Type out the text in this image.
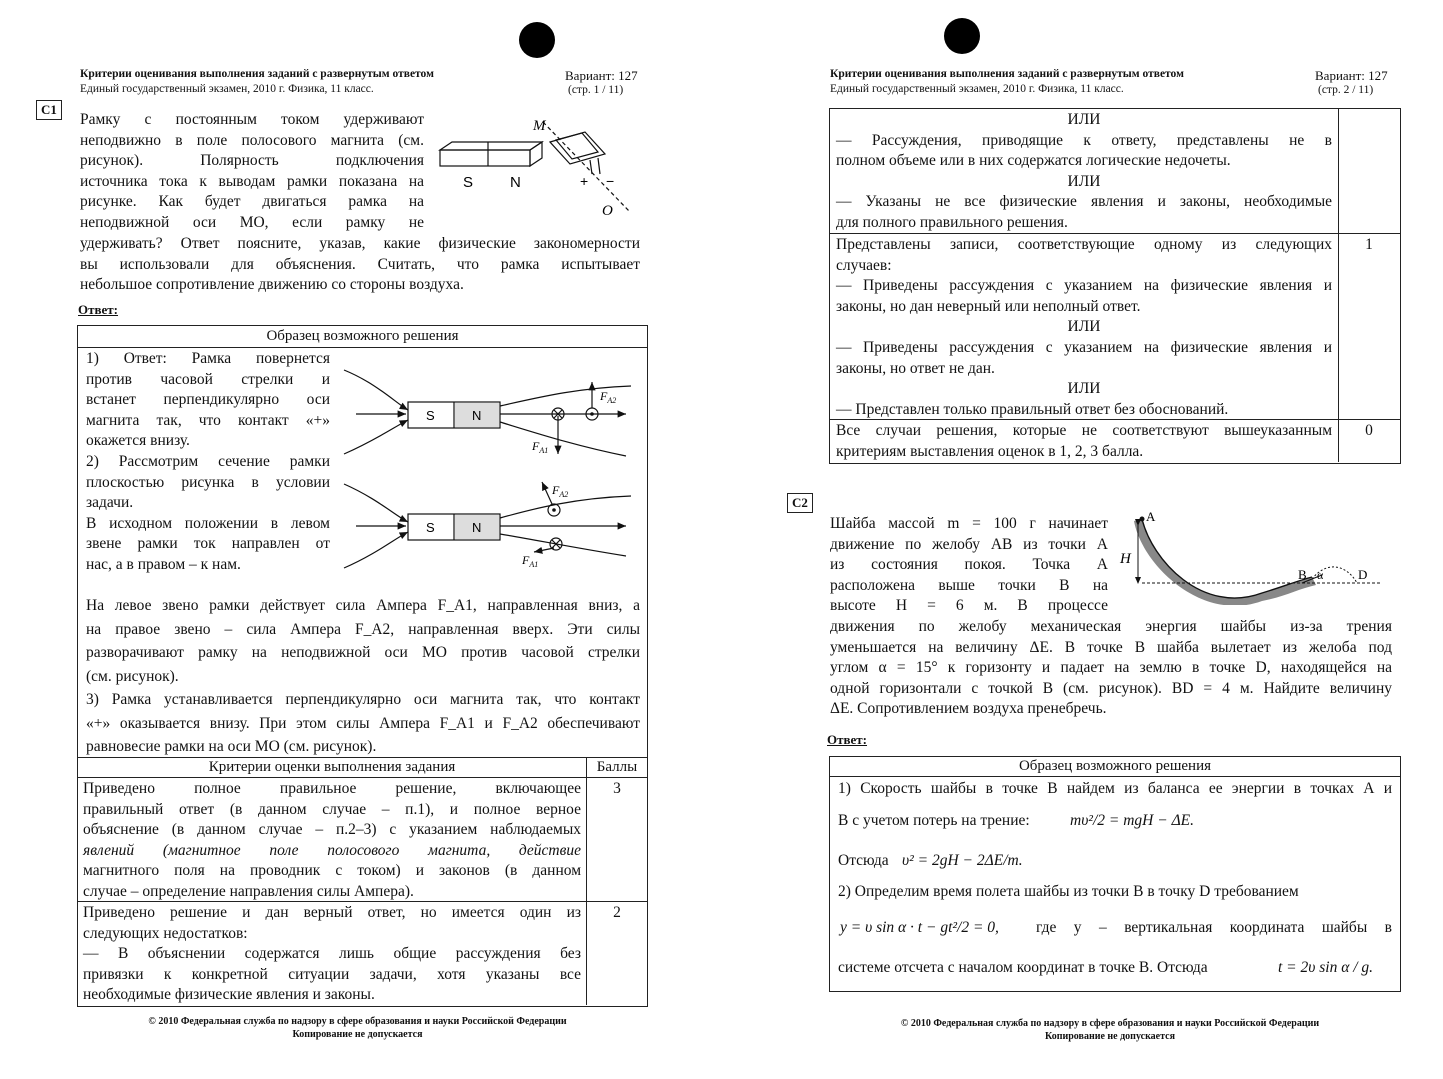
Критерии оценивания выполнения заданий с развернутым ответом
Единый государственный экзамен, 2010 г. Физика, 11 класс.
Вариант: 127
(стр. 1 / 11)
C1

Рамку с постоянным током удерживают

неподвижно в поле полосового магнита (см.

рисунок). Полярность подключения

источника тока к выводам рамки показана на

рисунке. Как будет двигаться рамка на

неподвижной оси МО, если рамку не

удерживать? Ответ поясните, указав, какие физические закономерности

вы использовали для объяснения. Считать, что рамка испытывает

небольшое сопротивление движению со стороны воздуха.

M
O
S N	+ −
Ответ:
Образец возможного решения

1) Ответ: Рамка повернется

против часовой стрелки и

встанет перпендикулярно оси

магнита так, что контакт «+»

окажется внизу.

2) Рассмотрим сечение рамки

плоскостью рисунка в условии

задачи.

В исходном положении в левом

звене рамки ток направлен от

нас, а в правом – к нам.

S	N
S	N
$F_{A1}$
$F_{A2}$
$F_{A2}$
$F_{A1}$

На левое звено рамки действует сила Ампера F_A1, направленная вниз, а

на правое звено – сила Ампера F_A2, направленная вверх. Эти силы

разворачивают рамку на неподвижной оси МО против часовой стрелки

(см. рисунок).

3) Рамка устанавливается перпендикулярно оси магнита так, что контакт

«+» оказывается внизу. При этом силы Ампера F_A1 и F_A2 обеспечивают

равновесие рамки на оси МО (см. рисунок).

Критерии оценки выполнения задания	Баллы

Приведено полное правильное решение, включающее

правильный ответ (в данном случае – п.1), и полное верное

объяснение (в данном случае – п.2–3) с указанием наблюдаемых

явлений (магнитное поле полосового магнита, действие

магнитного поля на проводник с током) и законов (в данном

случае – определение направления силы Ампера).

3

Приведено решение и дан верный ответ, но имеется один из

следующих недостатков:

— В объяснении содержатся лишь общие рассуждения без

привязки к конкретной ситуации задачи, хотя указаны все

необходимые физические явления и законы.

2
© 2010 Федеральная служба по надзору в сфере образования и науки Российской Федерации
Копирование не допускается
Критерии оценивания выполнения заданий с развернутым ответом
Единый государственный экзамен, 2010 г. Физика, 11 класс.
Вариант: 127
(стр. 2 / 11)

ИЛИ

— Рассуждения, приводящие к ответу, представлены не в

полном объеме или в них содержатся логические недочеты.

ИЛИ

— Указаны не все физические явления и законы, необходимые

для полного правильного решения.

Представлены записи, соответствующие одному из следующих

случаев:

— Приведены рассуждения с указанием на физические явления и

законы, но дан неверный или неполный ответ.

ИЛИ

— Приведены рассуждения с указанием на физические явления и

законы, но ответ не дан.

ИЛИ

— Представлен только правильный ответ без обоснований.

1

Все случаи решения, которые не соответствуют вышеуказанным

критериям выставления оценок в 1, 2, 3 балла.

0
C2

Шайба массой m = 100 г начинает

движение по желобу АВ из точки А

из состояния покоя. Точка А

расположена выше точки В на

высоте H = 6 м. В процессе

движения по желобу механическая энергия шайбы из-за трения

уменьшается на величину ΔE. В точке В шайба вылетает из желоба под

углом α = 15° к горизонту и падает на землю в точке D, находящейся на

одной горизонтали с точкой В (см. рисунок). BD = 4 м. Найдите величину

ΔE. Сопротивлением воздуха пренебречь.

A
B α	D
H
Ответ:
Образец возможного решения
1) Скорость шайбы в точке В найдем из баланса ее энергии в точках А и
В с учетом потерь на трение:	mυ²/2 = mgH − ΔE.
Отсюда υ² = 2gH − 2ΔE/m.
2) Определим время полета шайбы из точки В в точку D требованием
y = υ sin α · t − gt²/2 = 0, где y – вертикальная координата шайбы в
системе отсчета с началом координат в точке В. Отсюда	t = 2υ sin α / g.
© 2010 Федеральная служба по надзору в сфере образования и науки Российской Федерации
Копирование не допускается
